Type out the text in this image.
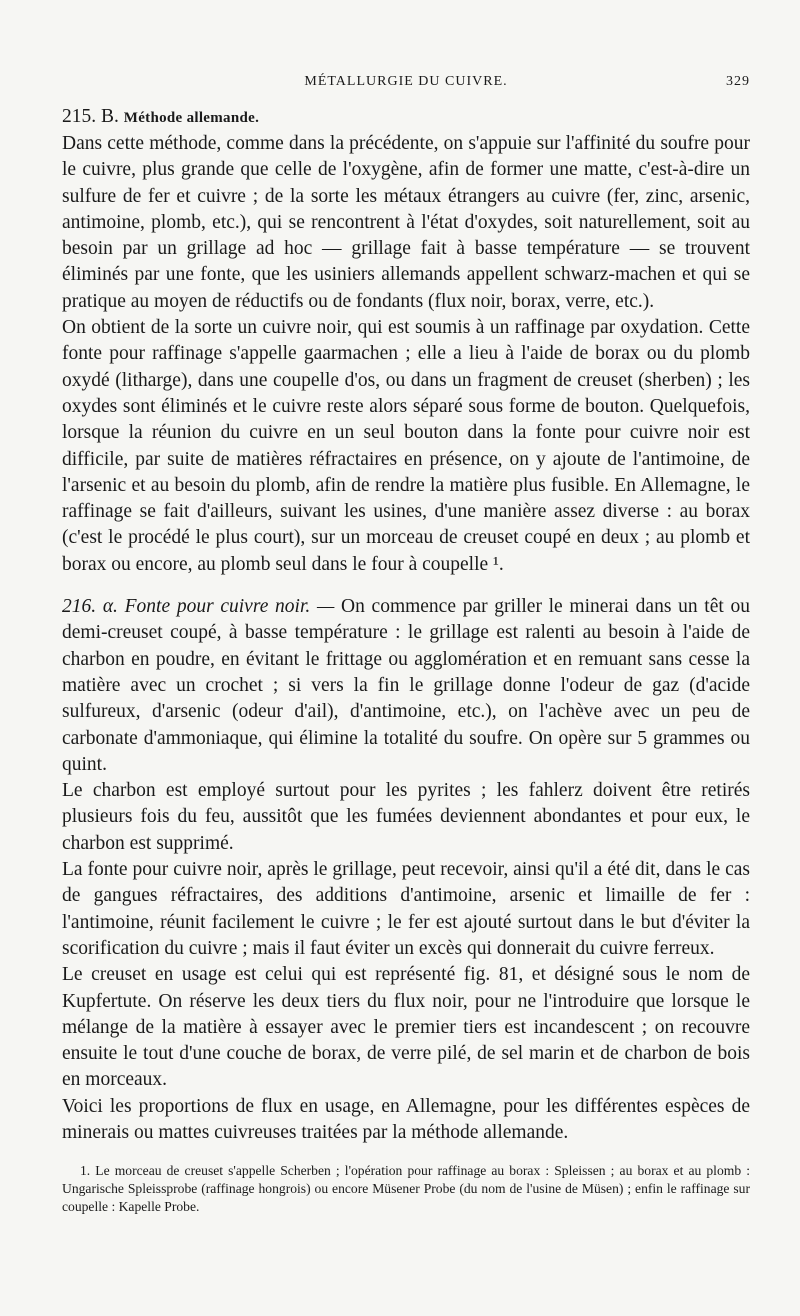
MÉTALLURGIE DU CUIVRE.	329
215. B. Méthode allemande.

Dans cette méthode, comme dans la précédente, on s'appuie sur l'affinité du soufre pour le cuivre, plus grande que celle de l'oxygène, afin de former une matte, c'est-à-dire un sulfure de fer et cuivre ; de la sorte les métaux étrangers au cuivre (fer, zinc, arsenic, antimoine, plomb, etc.), qui se rencontrent à l'état d'oxydes, soit naturellement, soit au besoin par un grillage ad hoc — grillage fait à basse température — se trouvent éliminés par une fonte, que les usiniers allemands appellent schwarz-machen et qui se pratique au moyen de réductifs ou de fondants (flux noir, borax, verre, etc.).

On obtient de la sorte un cuivre noir, qui est soumis à un raffinage par oxydation. Cette fonte pour raffinage s'appelle gaarmachen ; elle a lieu à l'aide de borax ou du plomb oxydé (litharge), dans une coupelle d'os, ou dans un fragment de creuset (sherben) ; les oxydes sont éliminés et le cuivre reste alors séparé sous forme de bouton. Quelquefois, lorsque la réunion du cuivre en un seul bouton dans la fonte pour cuivre noir est difficile, par suite de matières réfractaires en présence, on y ajoute de l'antimoine, de l'arsenic et au besoin du plomb, afin de rendre la matière plus fusible. En Allemagne, le raffinage se fait d'ailleurs, suivant les usines, d'une manière assez diverse : au borax (c'est le procédé le plus court), sur un morceau de creuset coupé en deux ; au plomb et borax ou encore, au plomb seul dans le four à coupelle ¹.

216. α. Fonte pour cuivre noir. — On commence par griller le minerai dans un têt ou demi-creuset coupé, à basse température : le grillage est ralenti au besoin à l'aide de charbon en poudre, en évitant le frittage ou agglomération et en remuant sans cesse la matière avec un crochet ; si vers la fin le grillage donne l'odeur de gaz (d'acide sulfureux, d'arsenic (odeur d'ail), d'antimoine, etc.), on l'achève avec un peu de carbonate d'ammoniaque, qui élimine la totalité du soufre. On opère sur 5 grammes ou quint.

Le charbon est employé surtout pour les pyrites ; les fahlerz doivent être retirés plusieurs fois du feu, aussitôt que les fumées deviennent abondantes et pour eux, le charbon est supprimé.

La fonte pour cuivre noir, après le grillage, peut recevoir, ainsi qu'il a été dit, dans le cas de gangues réfractaires, des additions d'antimoine, arsenic et limaille de fer : l'antimoine, réunit facilement le cuivre ; le fer est ajouté surtout dans le but d'éviter la scorification du cuivre ; mais il faut éviter un excès qui donnerait du cuivre ferreux.

Le creuset en usage est celui qui est représenté fig. 81, et désigné sous le nom de Kupfertute. On réserve les deux tiers du flux noir, pour ne l'introduire que lorsque le mélange de la matière à essayer avec le premier tiers est incandescent ; on recouvre ensuite le tout d'une couche de borax, de verre pilé, de sel marin et de charbon de bois en morceaux.

Voici les proportions de flux en usage, en Allemagne, pour les différentes espèces de minerais ou mattes cuivreuses traitées par la méthode allemande.

1. Le morceau de creuset s'appelle Scherben ; l'opération pour raffinage au borax : Spleissen ; au borax et au plomb : Ungarische Spleissprobe (raffinage hongrois) ou encore Müsener Probe (du nom de l'usine de Müsen) ; enfin le raffinage sur coupelle : Kapelle Probe.
